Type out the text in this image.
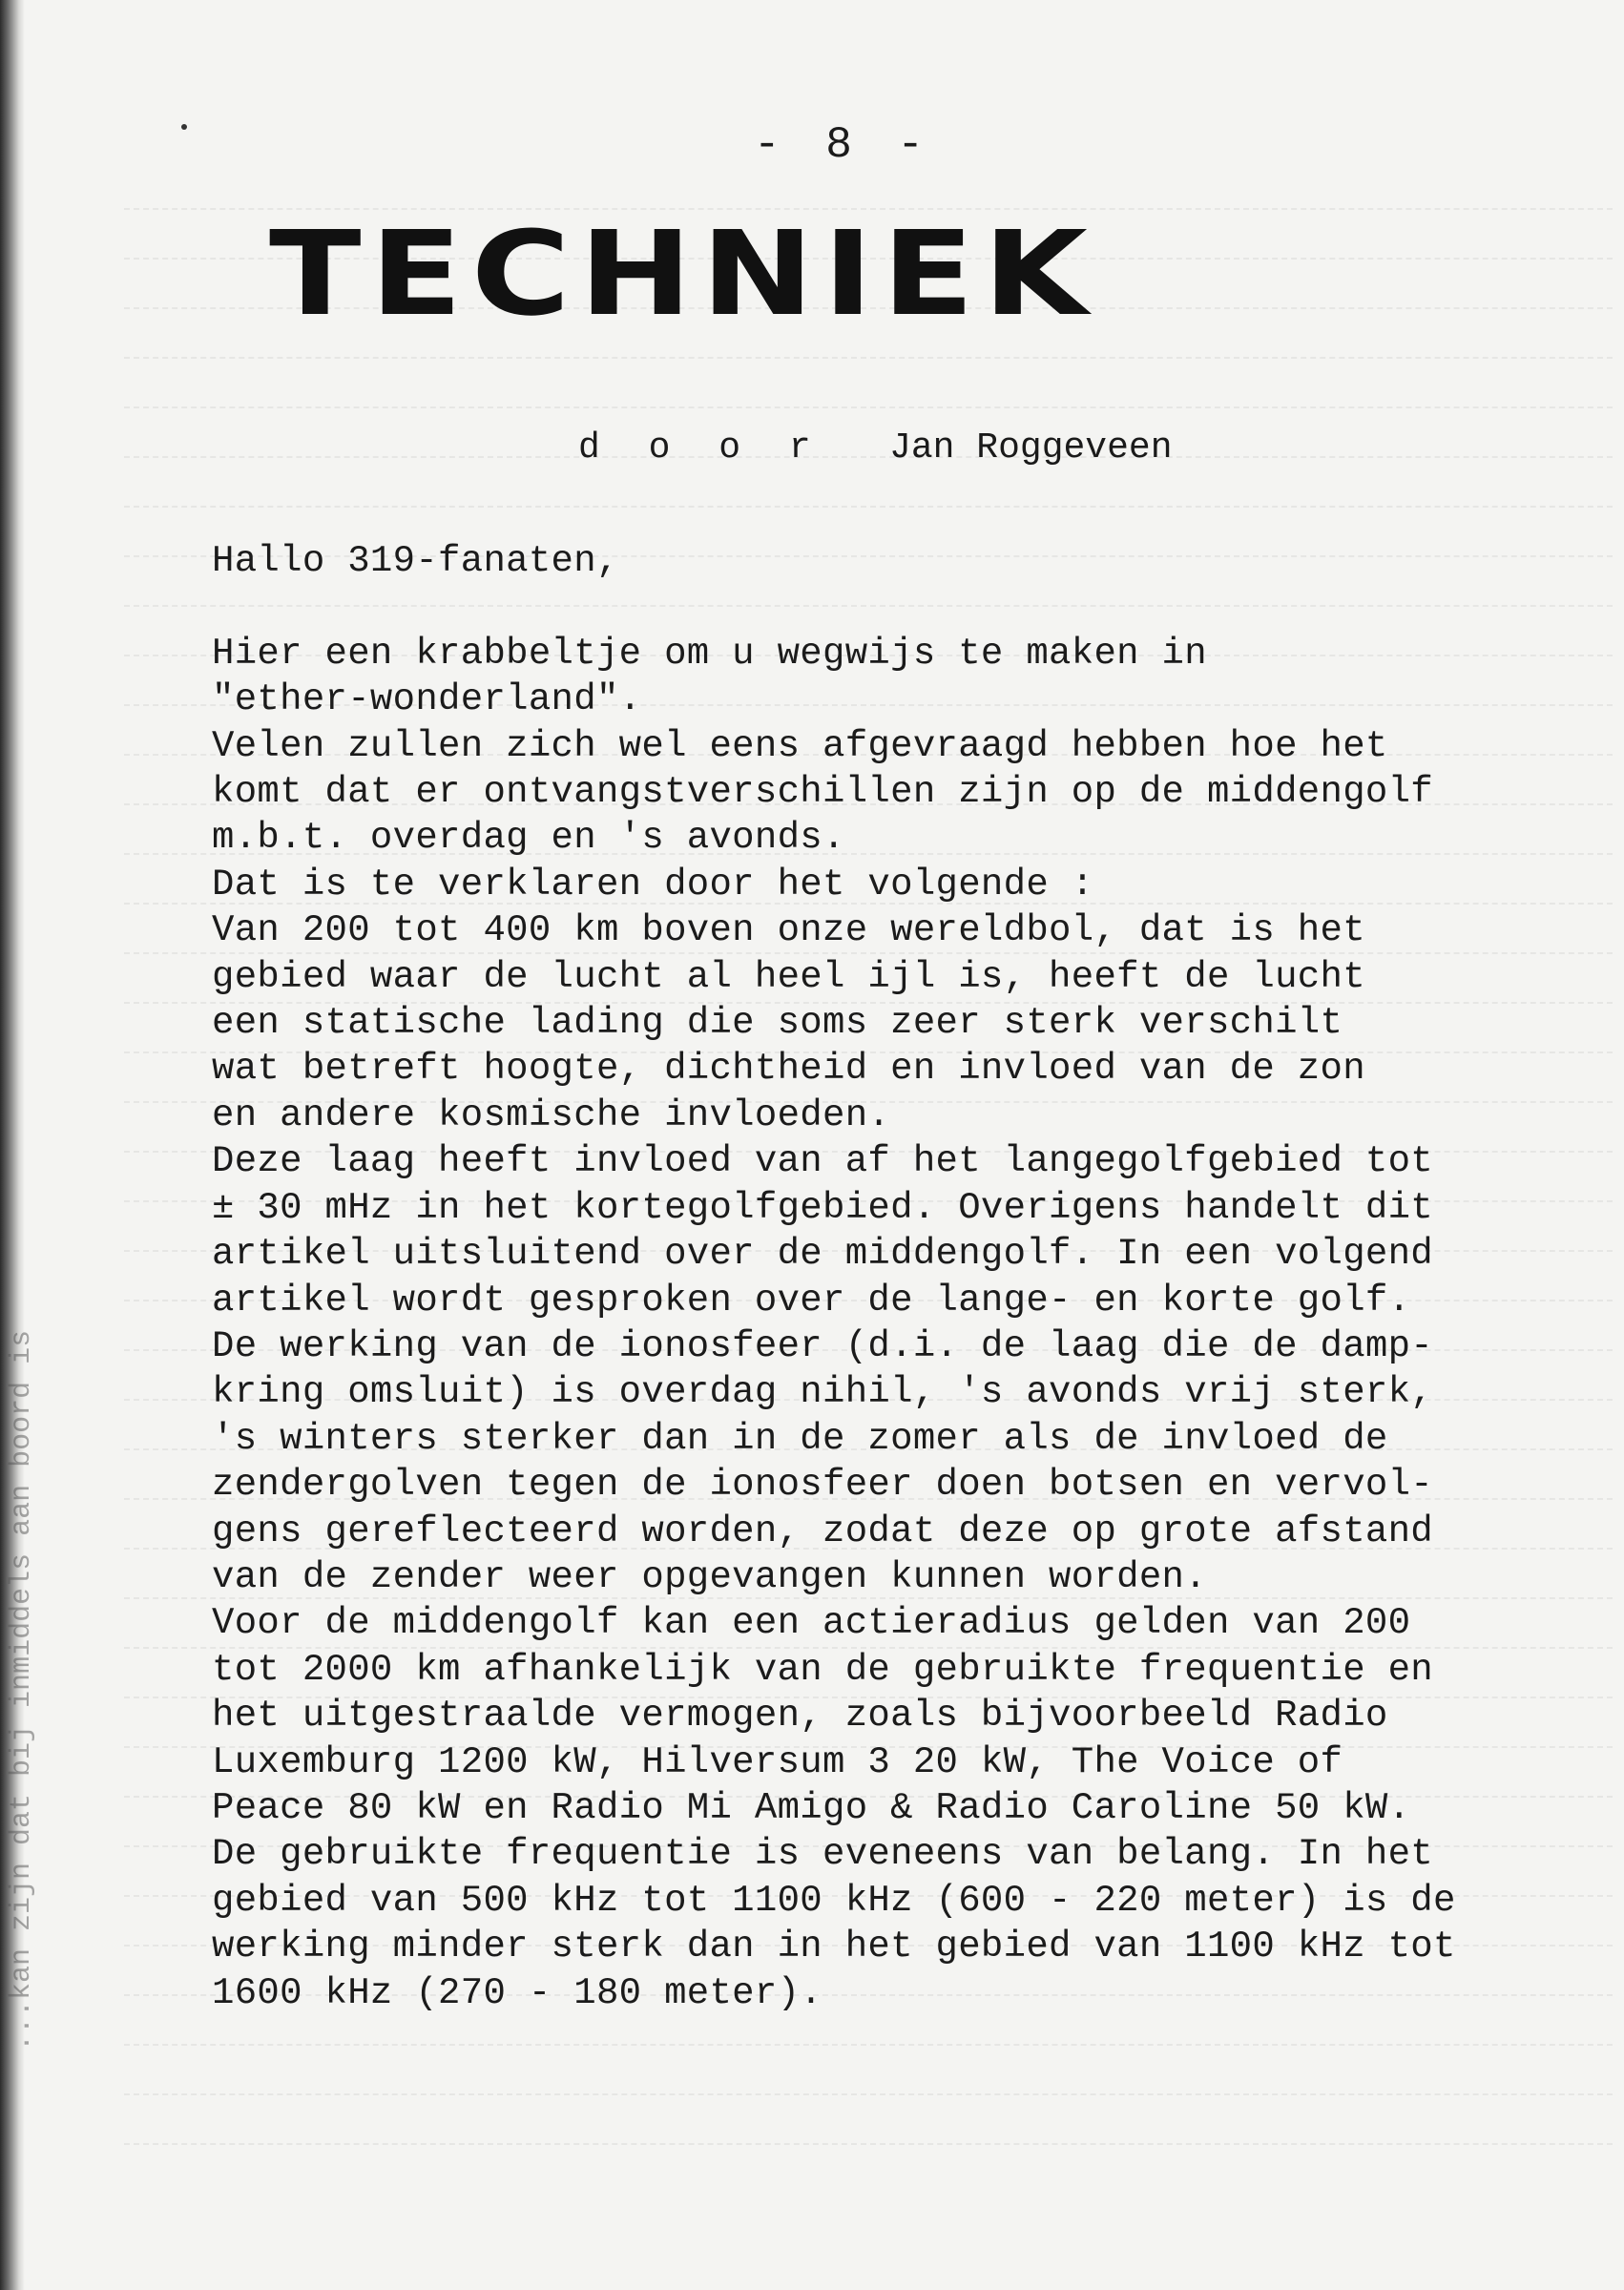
- 8 -
TECHNIEK
d o o r Jan Roggeveen

Hallo 319-fanaten,

Hier een krabbeltje om u wegwijs te maken in

"ether-wonderland".

Velen zullen zich wel eens afgevraagd hebben hoe het

komt dat er ontvangstverschillen zijn op de middengolf

m.b.t. overdag en 's avonds.

Dat is te verklaren door het volgende :

Van 200 tot 400 km boven onze wereldbol, dat is het

gebied waar de lucht al heel ijl is, heeft de lucht

een statische lading die soms zeer sterk verschilt

wat betreft hoogte, dichtheid en invloed van de zon

en andere kosmische invloeden.

Deze laag heeft invloed van af het langegolfgebied tot

± 30 mHz in het kortegolfgebied. Overigens handelt dit

artikel uitsluitend over de middengolf. In een volgend

artikel wordt gesproken over de lange- en korte golf.

De werking van de ionosfeer (d.i. de laag die de damp-

kring omsluit) is overdag nihil, 's avonds vrij sterk,

's winters sterker dan in de zomer als de invloed de

zendergolven tegen de ionosfeer doen botsen en vervol-

gens gereflecteerd worden, zodat deze op grote afstand

van de zender weer opgevangen kunnen worden.

Voor de middengolf kan een actieradius gelden van 200

tot 2000 km afhankelijk van de gebruikte frequentie en

het uitgestraalde vermogen, zoals bijvoorbeeld Radio

Luxemburg 1200 kW, Hilversum 3 20 kW, The Voice of

Peace 80 kW en Radio Mi Amigo & Radio Caroline 50 kW.

De gebruikte frequentie is eveneens van belang. In het

gebied van 500 kHz tot 1100 kHz (600 - 220 meter) is de

werking minder sterk dan in het gebied van 1100 kHz tot

1600 kHz (270 - 180 meter).

...kan zijn dat bij inmiddels aan boord is
